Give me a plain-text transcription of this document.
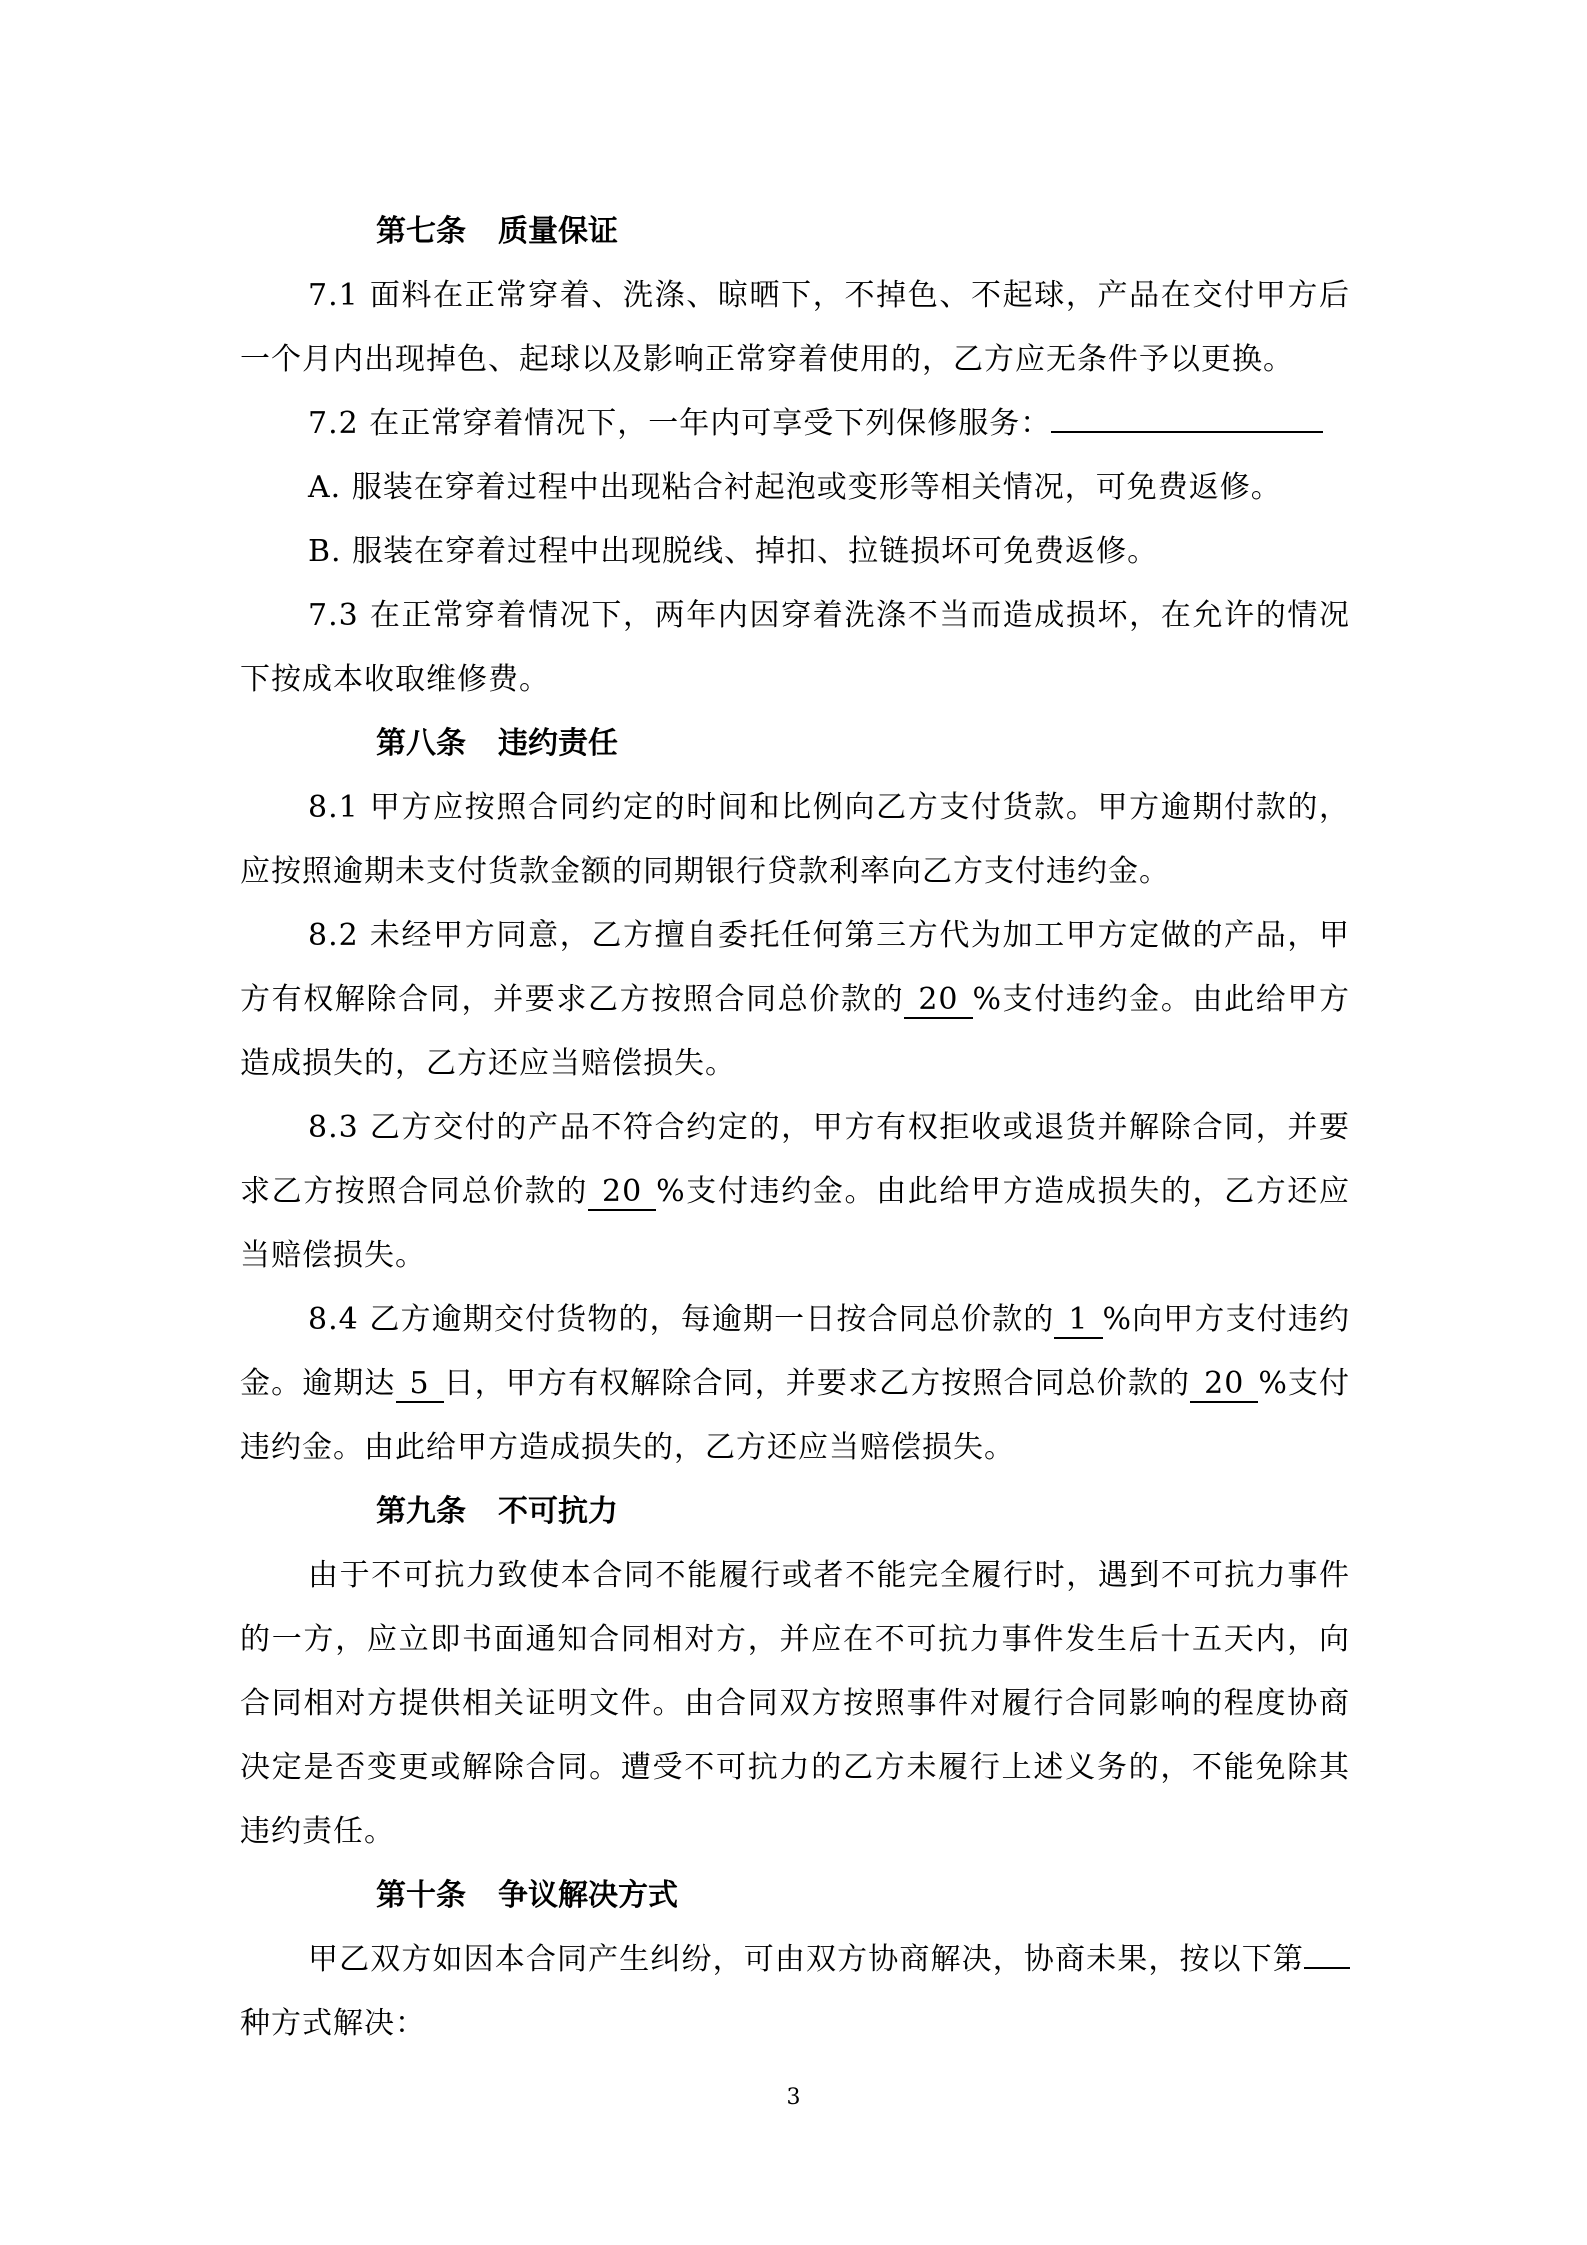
第七条 质量保证

7.1 面料在正常穿着、洗涤、晾晒下，不掉色、不起球，产品在交付甲方后一个月内出现掉色、起球以及影响正常穿着使用的，乙方应无条件予以更换。

7.2 在正常穿着情况下，一年内可享受下列保修服务：

A. 服装在穿着过程中出现粘合衬起泡或变形等相关情况，可免费返修。

B. 服装在穿着过程中出现脱线、掉扣、拉链损坏可免费返修。

7.3 在正常穿着情况下，两年内因穿着洗涤不当而造成损坏，在允许的情况下按成本收取维修费。

第八条 违约责任

8.1 甲方应按照合同约定的时间和比例向乙方支付货款。甲方逾期付款的，应按照逾期未支付货款金额的同期银行贷款利率向乙方支付违约金。

8.2 未经甲方同意，乙方擅自委托任何第三方代为加工甲方定做的产品，甲方有权解除合同，并要求乙方按照合同总价款的 20 %支付违约金。由此给甲方造成损失的，乙方还应当赔偿损失。

8.3 乙方交付的产品不符合约定的，甲方有权拒收或退货并解除合同，并要求乙方按照合同总价款的 20 %支付违约金。由此给甲方造成损失的，乙方还应当赔偿损失。

8.4 乙方逾期交付货物的，每逾期一日按合同总价款的 1 %向甲方支付违约金。逾期达 5 日，甲方有权解除合同，并要求乙方按照合同总价款的 20 %支付违约金。由此给甲方造成损失的，乙方还应当赔偿损失。

第九条 不可抗力

由于不可抗力致使本合同不能履行或者不能完全履行时，遇到不可抗力事件的一方，应立即书面通知合同相对方，并应在不可抗力事件发生后十五天内，向合同相对方提供相关证明文件。由合同双方按照事件对履行合同影响的程度协商决定是否变更或解除合同。遭受不可抗力的乙方未履行上述义务的，不能免除其违约责任。

第十条 争议解决方式

甲乙双方如因本合同产生纠纷，可由双方协商解决，协商未果，按以下第种方式解决：

3
